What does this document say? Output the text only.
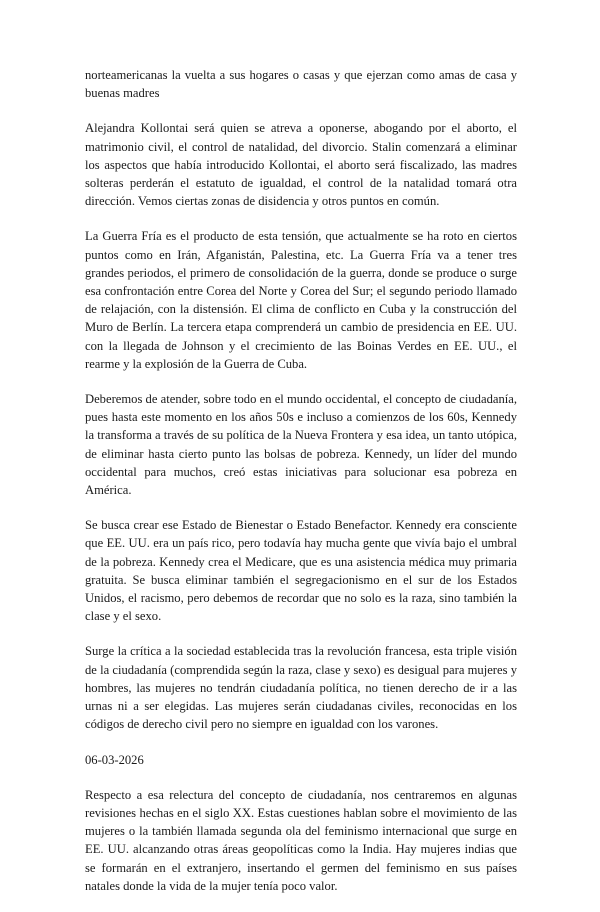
norteamericanas la vuelta a sus hogares o casas y que ejerzan como amas de casa y buenas madres

Alejandra Kollontai será quien se atreva a oponerse, abogando por el aborto, el matrimonio civil, el control de natalidad, del divorcio. Stalin comenzará a eliminar los aspectos que había introducido Kollontai, el aborto será fiscalizado, las madres solteras perderán el estatuto de igualdad, el control de la natalidad tomará otra dirección. Vemos ciertas zonas de disidencia y otros puntos en común.

La Guerra Fría es el producto de esta tensión, que actualmente se ha roto en ciertos puntos como en Irán, Afganistán, Palestina, etc. La Guerra Fría va a tener tres grandes periodos, el primero de consolidación de la guerra, donde se produce o surge esa confrontación entre Corea del Norte y Corea del Sur; el segundo periodo llamado de relajación, con la distensión. El clima de conflicto en Cuba y la construcción del Muro de Berlín. La tercera etapa comprenderá un cambio de presidencia en EE. UU. con la llegada de Johnson y el crecimiento de las Boinas Verdes en EE. UU., el rearme y la explosión de la Guerra de Cuba.

Deberemos de atender, sobre todo en el mundo occidental, el concepto de ciudadanía, pues hasta este momento en los años 50s e incluso a comienzos de los 60s, Kennedy la transforma a través de su política de la Nueva Frontera y esa idea, un tanto utópica, de eliminar hasta cierto punto las bolsas de pobreza. Kennedy, un líder del mundo occidental para muchos, creó estas iniciativas para solucionar esa pobreza en América.

Se busca crear ese Estado de Bienestar o Estado Benefactor. Kennedy era consciente que EE. UU. era un país rico, pero todavía hay mucha gente que vivía bajo el umbral de la pobreza. Kennedy crea el Medicare, que es una asistencia médica muy primaria gratuita. Se busca eliminar también el segregacionismo en el sur de los Estados Unidos, el racismo, pero debemos de recordar que no solo es la raza, sino también la clase y el sexo.

Surge la crítica a la sociedad establecida tras la revolución francesa, esta triple visión de la ciudadanía (comprendida según la raza, clase y sexo) es desigual para mujeres y hombres, las mujeres no tendrán ciudadanía política, no tienen derecho de ir a las urnas ni a ser elegidas. Las mujeres serán ciudadanas civiles, reconocidas en los códigos de derecho civil pero no siempre en igualdad con los varones.

06-03-2026

Respecto a esa relectura del concepto de ciudadanía, nos centraremos en algunas revisiones hechas en el siglo XX. Estas cuestiones hablan sobre el movimiento de las mujeres o la también llamada segunda ola del feminismo internacional que surge en EE. UU. alcanzando otras áreas geopolíticas como la India. Hay mujeres indias que se formarán en el extranjero, insertando el germen del feminismo en sus países natales donde la vida de la mujer tenía poco valor.
